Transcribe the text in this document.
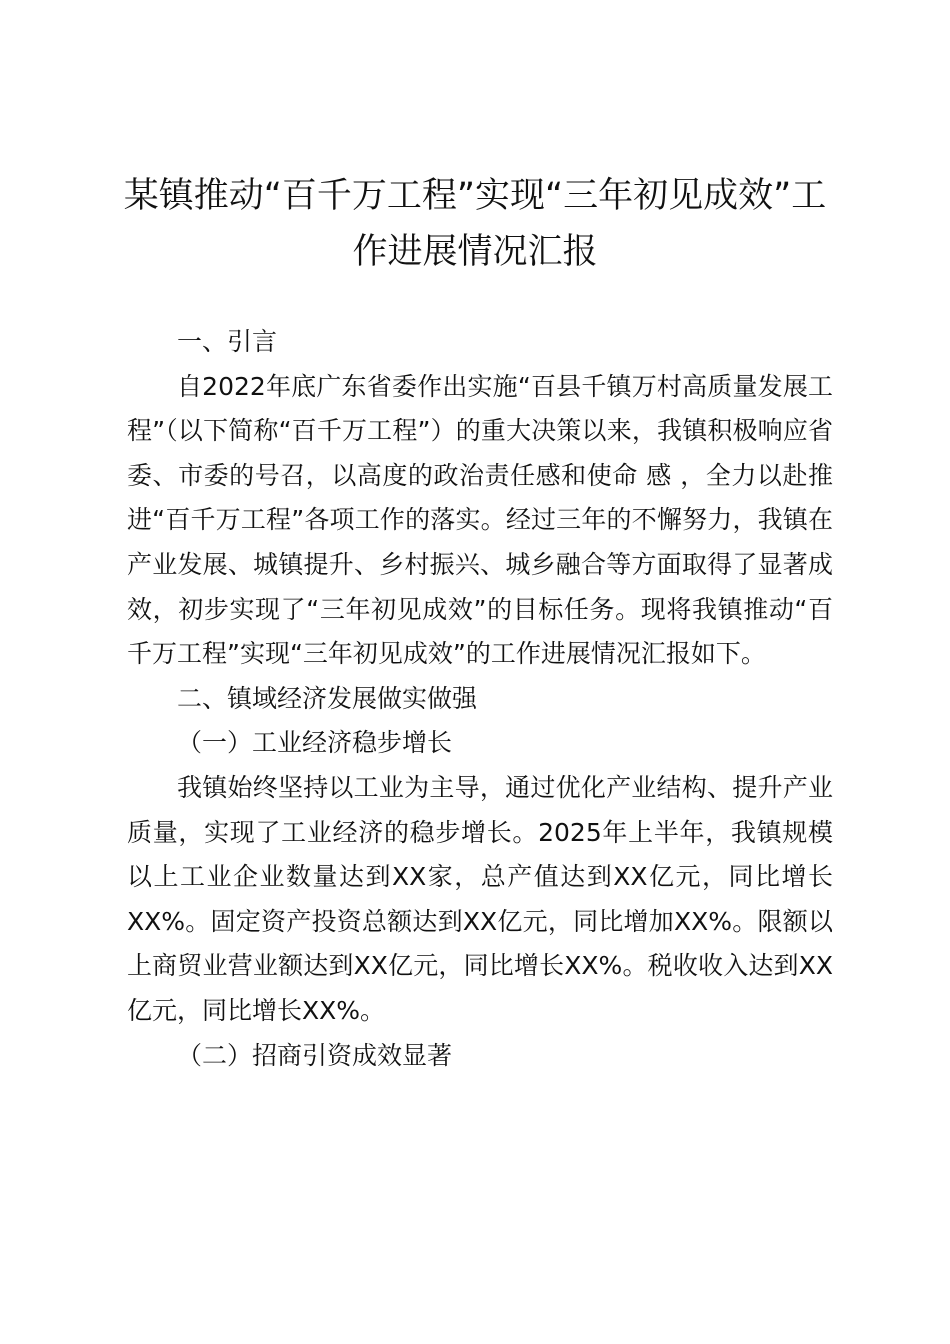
某镇推动“百千万工程”实现“三年初见成效”工作进展情况汇报

一、引言

自2022年底广东省委作出实施“百县千镇万村高质量发展工程”（以下简称“百千万工程”）的重大决策以来，我镇积极响应省委、市委的号召，以高度的政治责任感和使命 感 ，全力以赴推进“百千万工程”各项工作的落实。经过三年的不懈努力，我镇在产业发展、城镇提升、乡村振兴、城乡融合等方面取得了显著成效，初步实现了“三年初见成效”的目标任务。现将我镇推动“百千万工程”实现“三年初见成效”的工作进展情况汇报如下。

二、镇域经济发展做实做强

（一）工业经济稳步增长

我镇始终坚持以工业为主导，通过优化产业结构、提升产业质量，实现了工业经济的稳步增长。2025年上半年，我镇规模以上工业企业数量达到XX家，总产值达到XX亿元，同比增长XX%。固定资产投资总额达到XX亿元，同比增加XX%。限额以上商贸业营业额达到XX亿元，同比增长XX%。税收收入达到XX亿元，同比增长XX%。

（二）招商引资成效显著
